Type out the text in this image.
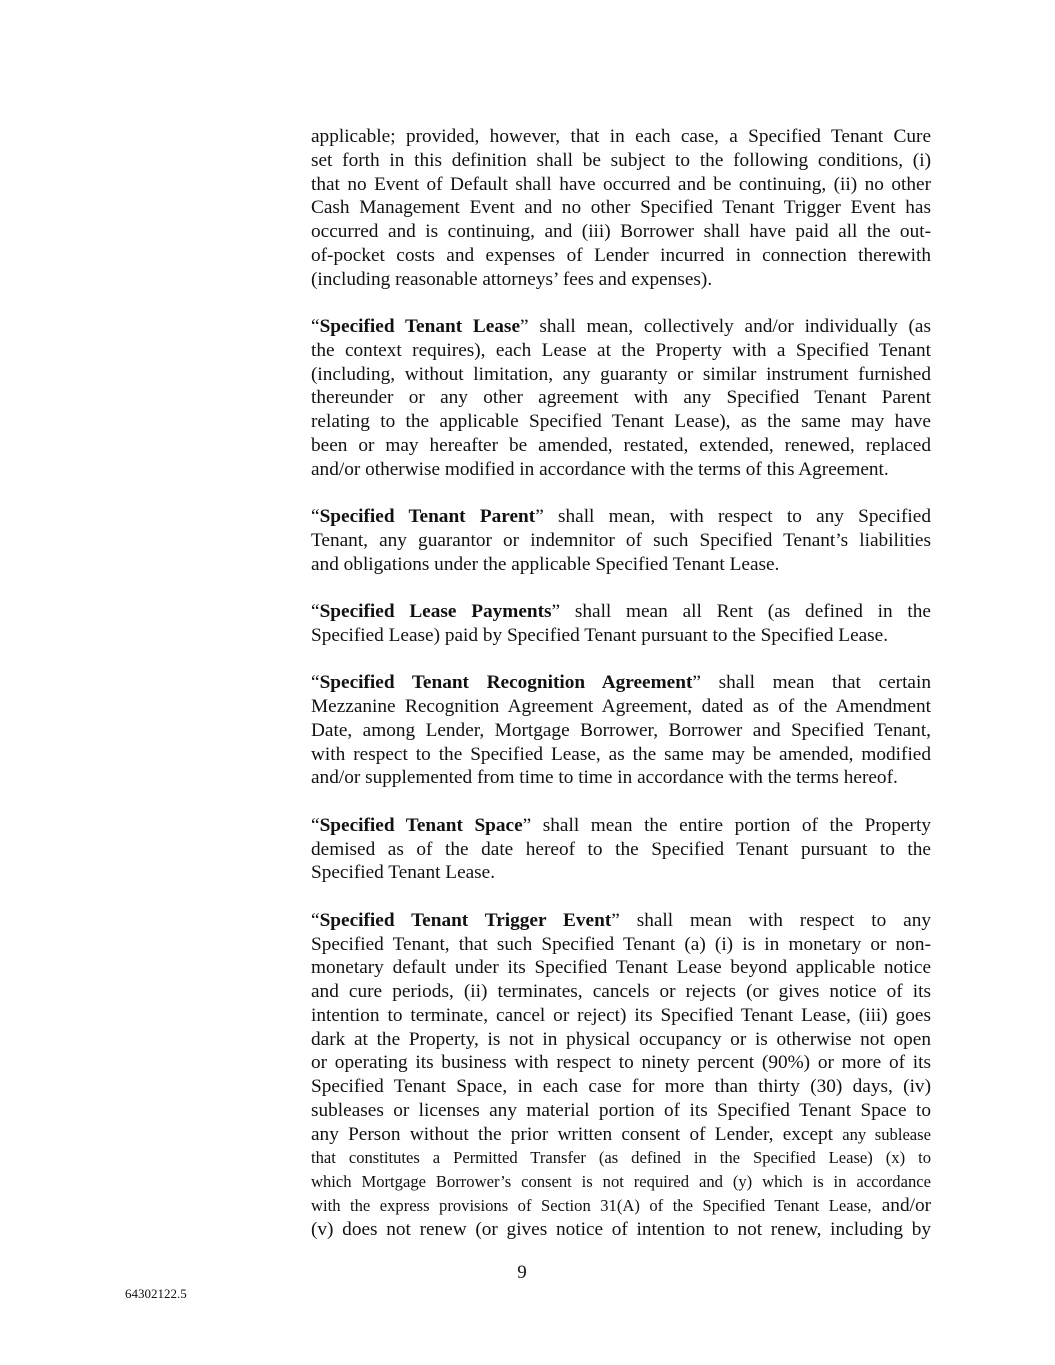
applicable; provided, however, that in each case, a Specified Tenant Cure
set forth in this definition shall be subject to the following conditions, (i)
that no Event of Default shall have occurred and be continuing, (ii) no other
Cash Management Event and no other Specified Tenant Trigger Event has
occurred and is continuing, and (iii) Borrower shall have paid all the out-
of-pocket costs and expenses of Lender incurred in connection therewith
(including reasonable attorneys’ fees and expenses).
“Specified Tenant Lease” shall mean, collectively and/or individually (as
the context requires), each Lease at the Property with a Specified Tenant
(including, without limitation, any guaranty or similar instrument furnished
thereunder or any other agreement with any Specified Tenant Parent
relating to the applicable Specified Tenant Lease), as the same may have
been or may hereafter be amended, restated, extended, renewed, replaced
and/or otherwise modified in accordance with the terms of this Agreement.
“Specified Tenant Parent” shall mean, with respect to any Specified
Tenant, any guarantor or indemnitor of such Specified Tenant’s liabilities
and obligations under the applicable Specified Tenant Lease.
“Specified Lease Payments” shall mean all Rent (as defined in the
Specified Lease) paid by Specified Tenant pursuant to the Specified Lease.
“Specified Tenant Recognition Agreement” shall mean that certain
Mezzanine Recognition Agreement Agreement, dated as of the Amendment
Date, among Lender, Mortgage Borrower, Borrower and Specified Tenant,
with respect to the Specified Lease, as the same may be amended, modified
and/or supplemented from time to time in accordance with the terms hereof.
“Specified Tenant Space” shall mean the entire portion of the Property
demised as of the date hereof to the Specified Tenant pursuant to the
Specified Tenant Lease.
“Specified Tenant Trigger Event” shall mean with respect to any
Specified Tenant, that such Specified Tenant (a) (i) is in monetary or non-
monetary default under its Specified Tenant Lease beyond applicable notice
and cure periods, (ii) terminates, cancels or rejects (or gives notice of its
intention to terminate, cancel or reject) its Specified Tenant Lease, (iii) goes
dark at the Property, is not in physical occupancy or is otherwise not open
or operating its business with respect to ninety percent (90%) or more of its
Specified Tenant Space, in each case for more than thirty (30) days, (iv)
subleases or licenses any material portion of its Specified Tenant Space to
any Person without the prior written consent of Lender, except any sublease
that constitutes a Permitted Transfer (as defined in the Specified Lease) (x) to
which Mortgage Borrower’s consent is not required and (y) which is in accordance
with the express provisions of Section 31(A) of the Specified Tenant Lease, and/or
(v) does not renew (or gives notice of intention to not renew, including by
9
64302122.5
